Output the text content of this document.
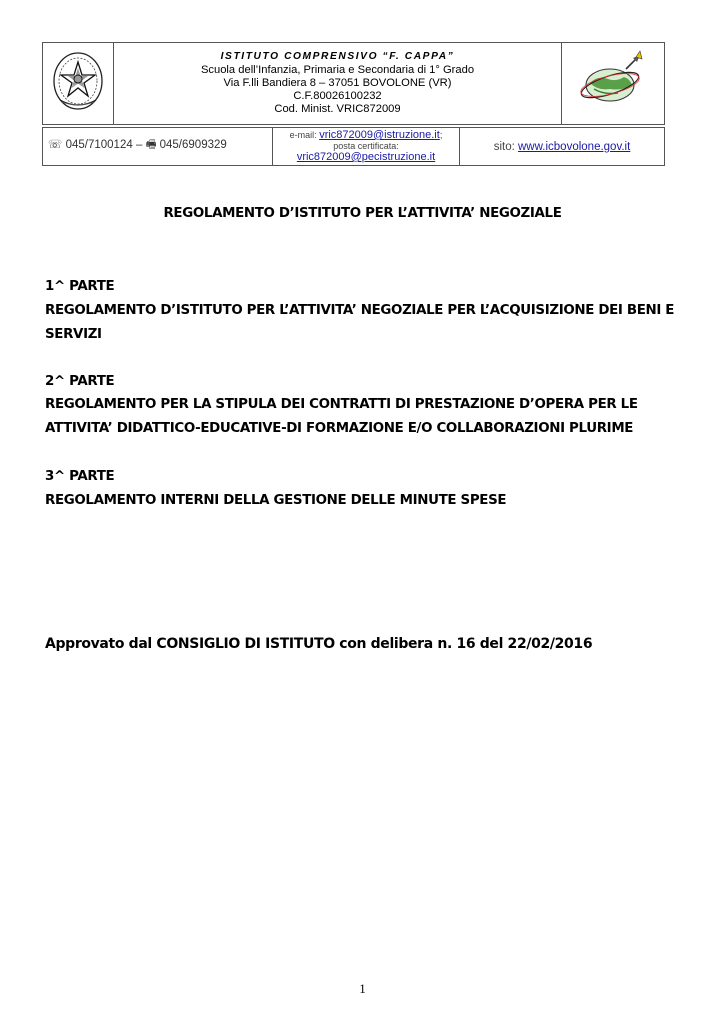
ISTITUTO COMPRENSIVO “F. CAPPA”
Scuola dell’Infanzia, Primaria e Secondaria di 1° Grado
Via F.lli Bandiera 8 – 37051 BOVOLONE (VR)
C.F.80026100232
Cod. Minist. VRIC872009

☏ 045/7100124 – 🖷 045/6909329	
e-mail: vric872009@istruzione.it;
posta certificata:
vric872009@pecistruzione.it
	sito: www.icbovolone.gov.it
REGOLAMENTO D’ISTITUTO PER L’ATTIVITA’ NEGOZIALE
1^ PARTE
REGOLAMENTO D’ISTITUTO PER L’ATTIVITA’ NEGOZIALE PER L’ACQUISIZIONE DEI BENI E
SERVIZI
2^ PARTE
REGOLAMENTO PER LA STIPULA DEI CONTRATTI DI PRESTAZIONE D’OPERA PER LE
ATTIVITA’ DIDATTICO-EDUCATIVE-DI FORMAZIONE E/O COLLABORAZIONI PLURIME
3^ PARTE
REGOLAMENTO INTERNI DELLA GESTIONE DELLE MINUTE SPESE
Approvato dal CONSIGLIO DI ISTITUTO con delibera n. 16 del 22/02/2016
1
